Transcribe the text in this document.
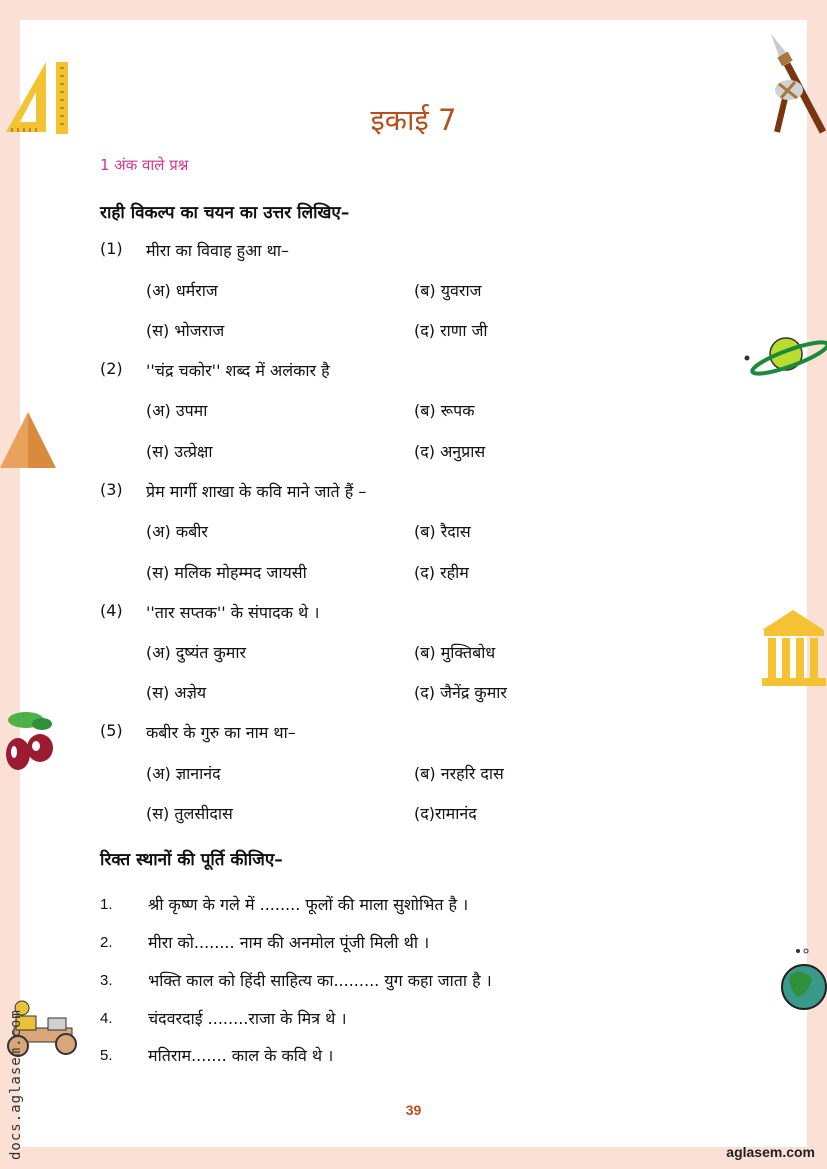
इकाई 7
1 अंक वाले प्रश्न
राही विकल्प का चयन का उत्तर लिखिए–
(1) मीरा का विवाह हुआ था–
(अ) धर्मराज	(ब) युवराज
(स) भोजराज	(द) राणा जी
(2) ''चंद्र चकोर'' शब्द में अलंकार है
(अ) उपमा	(ब) रूपक
(स) उत्प्रेक्षा	(द) अनुप्रास
(3) प्रेम मार्गी शाखा के कवि माने जाते हैं –
(अ) कबीर	(ब) रैदास
(स) मलिक मोहम्मद जायसी	(द) रहीम
(4) ''तार सप्तक'' के संपादक थे ।
(अ) दुष्यंत कुमार	(ब) मुक्तिबोध
(स) अज्ञेय	(द) जैनेंद्र कुमार
(5) कबीर के गुरु का नाम था–
(अ) ज्ञानानंद	(ब) नरहरि दास
(स) तुलसीदास	(द)रामानंद
रिक्त स्थानों की पूर्ति कीजिए–
1. श्री कृष्ण के गले में ........ फूलों की माला सुशोभित है ।
2. मीरा को........ नाम की अनमोल पूंजी मिली थी ।
3. भक्ति काल को हिंदी साहित्य का......... युग कहा जाता है ।
4. चंदवरदाई ........राजा के मित्र थे ।
5. मतिराम....... काल के कवि थे ।
39
aglasem.com
docs.aglasem.com
